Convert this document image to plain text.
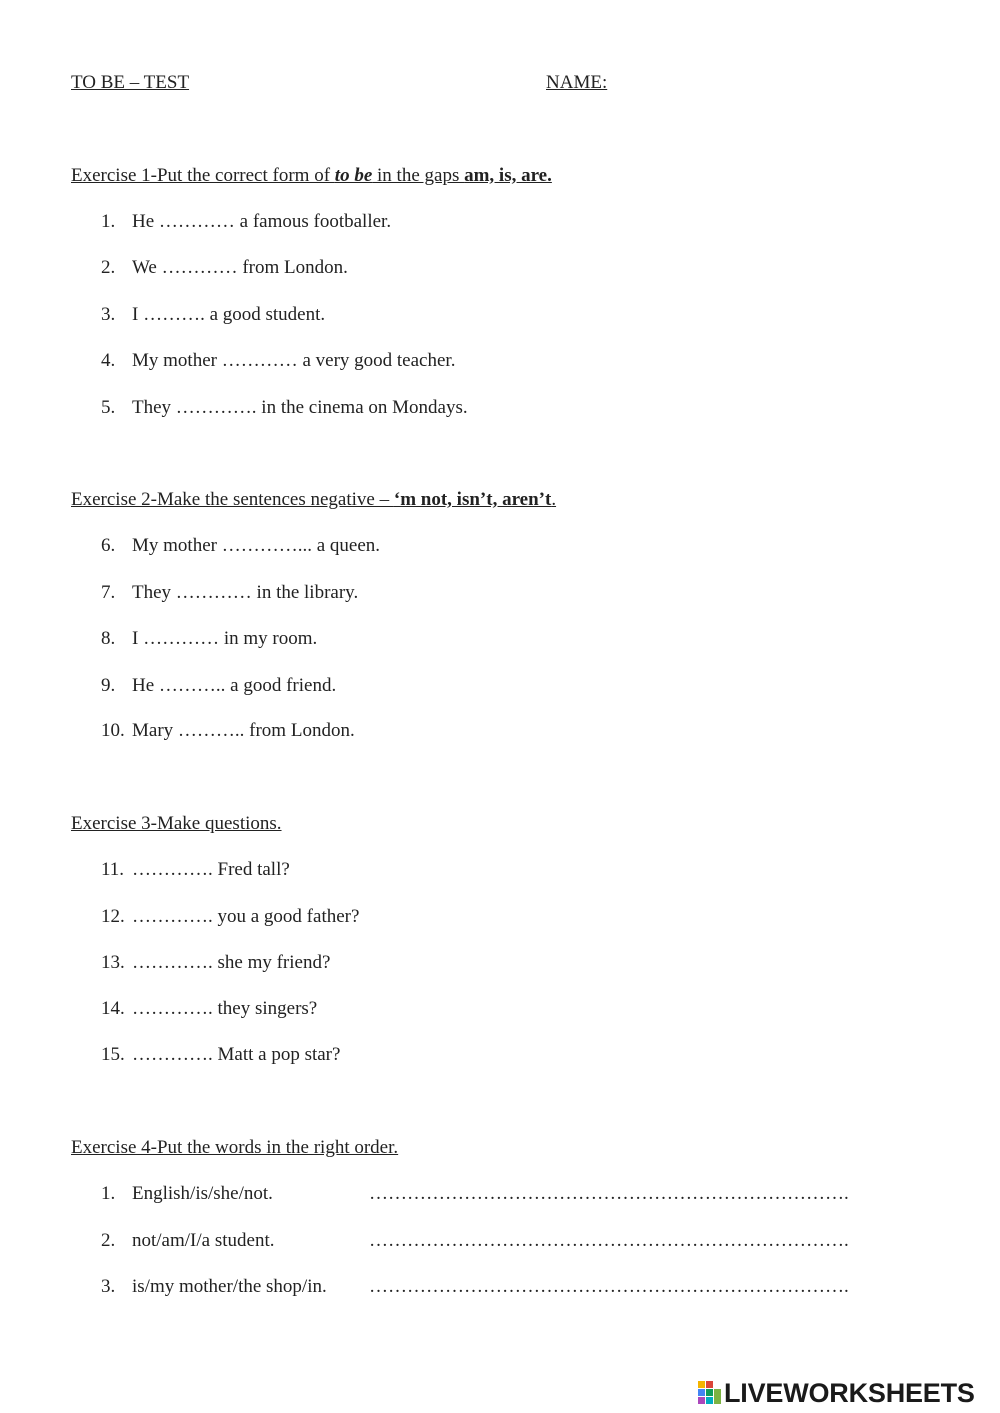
TO BE – TEST	NAME:
Exercise 1-Put the correct form of to be in the gaps am, is, are.
1. He ………… a famous footballer.
2. We ………… from London.
3. I ………. a good student.
4. My mother ………… a very good teacher.
5. They …………. in the cinema on Mondays.
Exercise 2-Make the sentences negative – ‘m not, isn’t, aren’t.
6. My mother …………... a queen.
7. They ………… in the library.
8. I ………… in my room.
9. He ……….. a good friend.
10. Mary ……….. from London.
Exercise 3-Make questions.
11. …………. Fred tall?
12. …………. you a good father?
13. …………. she my friend?
14. …………. they singers?
15. …………. Matt a pop star?
Exercise 4-Put the words in the right order.
1. English/is/she/not.	………………………………………………………………….
2. not/am/I/a student.	………………………………………………………………….
3. is/my mother/the shop/in. ………………………………………………………………….
LIVEWORKSHEETS
